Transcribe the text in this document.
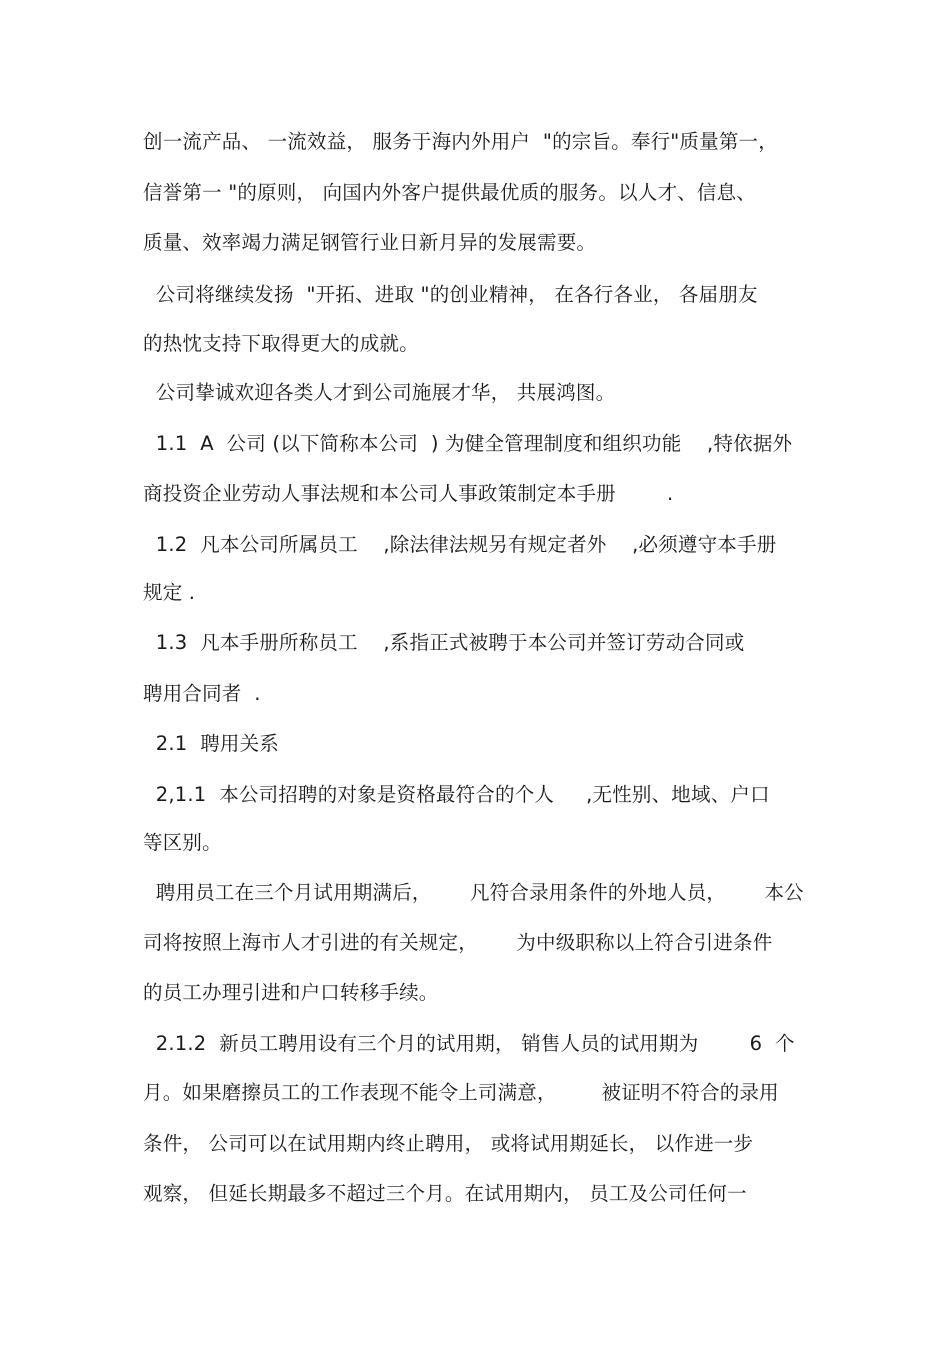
创一流产品、 一流效益， 服务于海内外用户  "的宗旨。奉行"质量第一，
信誉第一 "的原则， 向国内外客户提供最优质的服务。以人才、信息、
质量、效率竭力满足钢管行业日新月异的发展需要。
公司将继续发扬  "开拓、进取 "的创业精神， 在各行各业， 各届朋友
的热忱支持下取得更大的成就。
公司挚诚欢迎各类人才到公司施展才华， 共展鸿图。
1.1  A  公司 (以下简称本公司  ) 为健全管理制度和组织功能    ,特依据外
商投资企业劳动人事法规和本公司人事政策制定本手册        .
1.2  凡本公司所属员工    ,除法律法规另有规定者外    ,必须遵守本手册
规定 .
1.3  凡本手册所称员工    ,系指正式被聘于本公司并签订劳动合同或
聘用合同者  .
2.1  聘用关系
2,1.1  本公司招聘的对象是资格最符合的个人     ,无性别、地域、户口
等区别。
聘用员工在三个月试用期满后，      凡符合录用条件的外地人员，      本公
司将按照上海市人才引进的有关规定，      为中级职称以上符合引进条件
的员工办理引进和户口转移手续。
2.1.2  新员工聘用设有三个月的试用期， 销售人员的试用期为        6  个
月。如果磨擦员工的工作表现不能令上司满意，       被证明不符合的录用
条件， 公司可以在试用期内终止聘用， 或将试用期延长， 以作进一步
观察， 但延长期最多不超过三个月。在试用期内， 员工及公司任何一
